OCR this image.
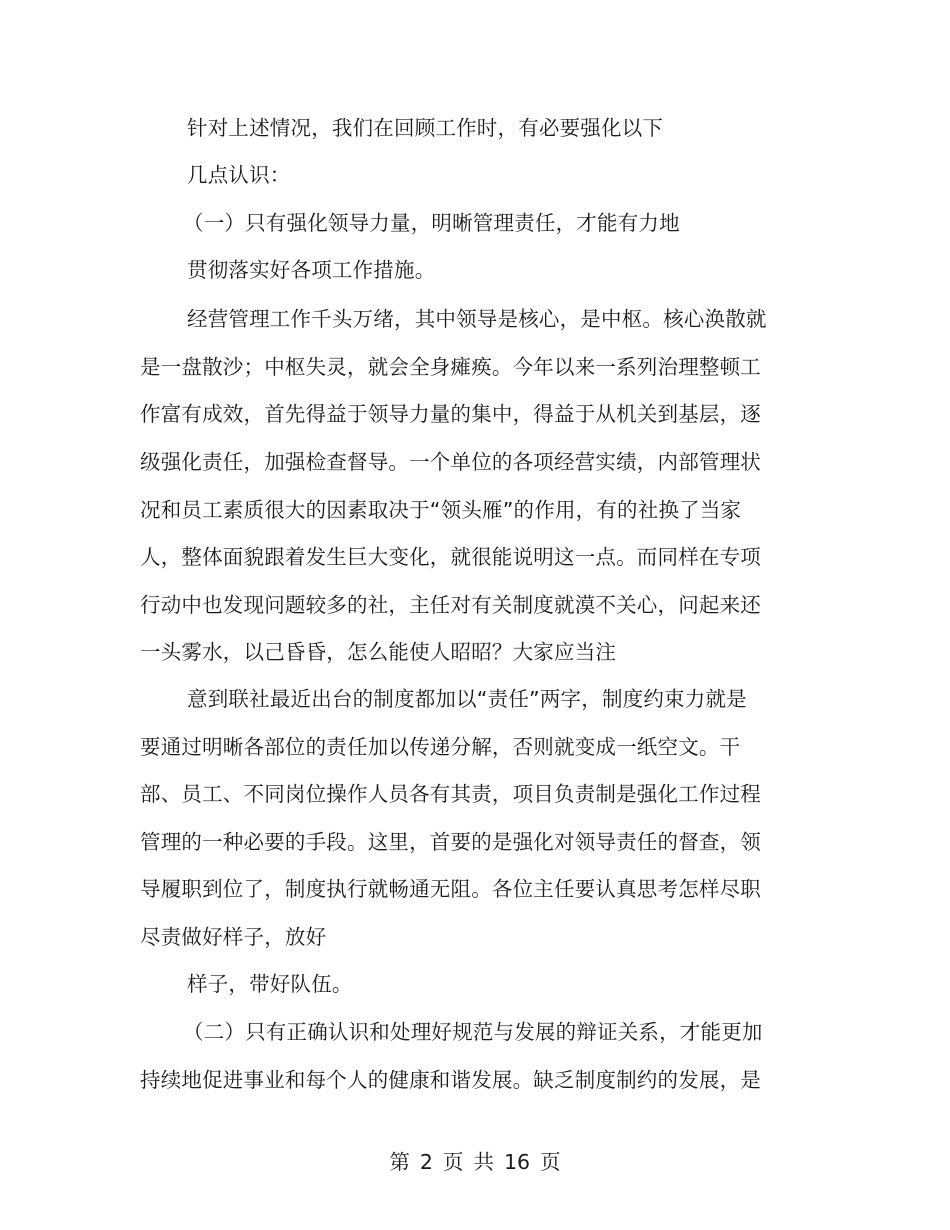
针对上述情况，我们在回顾工作时，有必要强化以下
几点认识：
（一）只有强化领导力量，明晰管理责任，才能有力地
贯彻落实好各项工作措施。
经营管理工作千头万绪，其中领导是核心，是中枢。核心涣散就
是一盘散沙；中枢失灵，就会全身瘫痪。今年以来一系列治理整顿工
作富有成效，首先得益于领导力量的集中，得益于从机关到基层，逐
级强化责任，加强检查督导。一个单位的各项经营实绩，内部管理状
况和员工素质很大的因素取决于“领头雁”的作用，有的社换了当家
人，整体面貌跟着发生巨大变化，就很能说明这一点。而同样在专项
行动中也发现问题较多的社，主任对有关制度就漠不关心，问起来还
一头雾水，以己昏昏，怎么能使人昭昭？大家应当注
意到联社最近出台的制度都加以“责任”两字，制度约束力就是
要通过明晰各部位的责任加以传递分解，否则就变成一纸空文。干
部、员工、不同岗位操作人员各有其责，项目负责制是强化工作过程
管理的一种必要的手段。这里，首要的是强化对领导责任的督查，领
导履职到位了，制度执行就畅通无阻。各位主任要认真思考怎样尽职
尽责做好样子，放好
样子，带好队伍。
（二）只有正确认识和处理好规范与发展的辩证关系，才能更加
持续地促进事业和每个人的健康和谐发展。缺乏制度制约的发展，是
第 2 页 共 16 页
